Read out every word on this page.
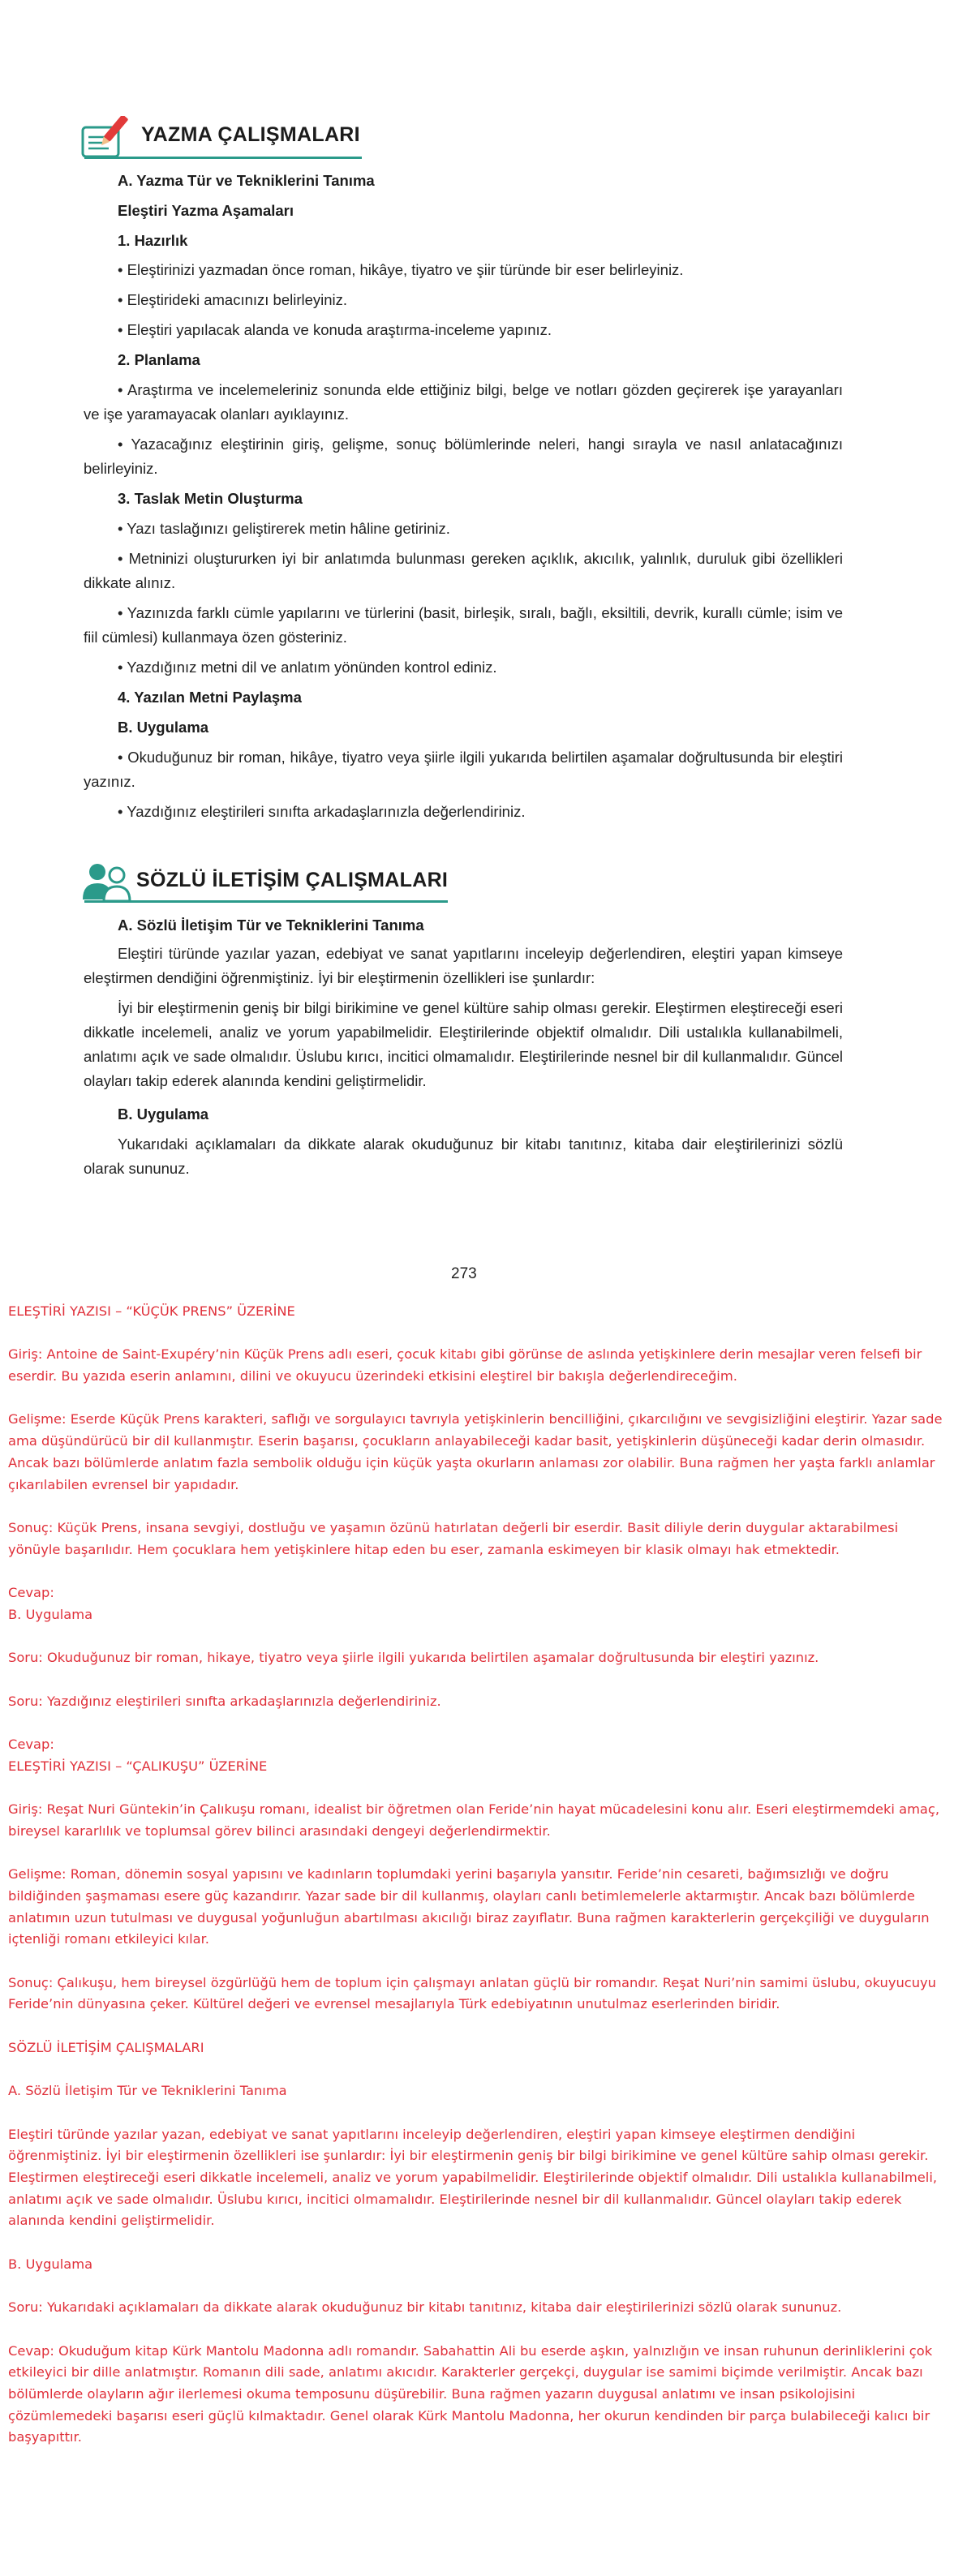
YAZMA ÇALIŞMALARI
A. Yazma Tür ve Tekniklerini Tanıma
Eleştiri Yazma Aşamaları
1. Hazırlık
• Eleştirinizi yazmadan önce roman, hikâye, tiyatro ve şiir türünde bir eser belirleyiniz.
• Eleştirideki amacınızı belirleyiniz.
• Eleştiri yapılacak alanda ve konuda araştırma-inceleme yapınız.
2. Planlama
• Araştırma ve incelemeleriniz sonunda elde ettiğiniz bilgi, belge ve notları gözden geçirerek işe yarayanları ve işe yaramayacak olanları ayıklayınız.
• Yazacağınız eleştirinin giriş, gelişme, sonuç bölümlerinde neleri, hangi sırayla ve nasıl anlatacağınızı belirleyiniz.
3. Taslak Metin Oluşturma
• Yazı taslağınızı geliştirerek metin hâline getiriniz.
• Metninizi oluştururken iyi bir anlatımda bulunması gereken açıklık, akıcılık, yalınlık, duruluk gibi özellikleri dikkate alınız.
• Yazınızda farklı cümle yapılarını ve türlerini (basit, birleşik, sıralı, bağlı, eksiltili, devrik, kurallı cümle; isim ve fiil cümlesi) kullanmaya özen gösteriniz.
• Yazdığınız metni dil ve anlatım yönünden kontrol ediniz.
4. Yazılan Metni Paylaşma
B. Uygulama
• Okuduğunuz bir roman, hikâye, tiyatro veya şiirle ilgili yukarıda belirtilen aşamalar doğrultusunda bir eleştiri yazınız.
• Yazdığınız eleştirileri sınıfta arkadaşlarınızla değerlendiriniz.
SÖZLÜ İLETİŞİM ÇALIŞMALARI
A. Sözlü İletişim Tür ve Tekniklerini Tanıma
Eleştiri türünde yazılar yazan, edebiyat ve sanat yapıtlarını inceleyip değerlendiren, eleştiri yapan kimseye eleştirmen dendiğini öğrenmiştiniz. İyi bir eleştirmenin özellikleri ise şunlardır:
İyi bir eleştirmenin geniş bir bilgi birikimine ve genel kültüre sahip olması gerekir. Eleştirmen eleştireceği eseri dikkatle incelemeli, analiz ve yorum yapabilmelidir. Eleştirilerinde objektif olmalıdır. Dili ustalıkla kullanabilmeli, anlatımı açık ve sade olmalıdır. Üslubu kırıcı, incitici olmamalıdır. Eleştirilerinde nesnel bir dil kullanmalıdır. Güncel olayları takip ederek alanında kendini geliştirmelidir.
B. Uygulama
Yukarıdaki açıklamaları da dikkate alarak okuduğunuz bir kitabı tanıtınız, kitaba dair eleştirilerinizi sözlü olarak sununuz.
273
ELEŞTİRİ YAZISI – “KÜÇÜK PRENS” ÜZERİNE
Giriş: Antoine de Saint-Exupéry’nin Küçük Prens adlı eseri, çocuk kitabı gibi görünse de aslında yetişkinlere derin mesajlar veren felsefi bir eserdir. Bu yazıda eserin anlamını, dilini ve okuyucu üzerindeki etkisini eleştirel bir bakışla değerlendireceğim.
Gelişme: Eserde Küçük Prens karakteri, saflığı ve sorgulayıcı tavrıyla yetişkinlerin bencilliğini, çıkarcılığını ve sevgisizliğini eleştirir. Yazar sade ama düşündürücü bir dil kullanmıştır. Eserin başarısı, çocukların anlayabileceği kadar basit, yetişkinlerin düşüneceği kadar derin olmasıdır. Ancak bazı bölümlerde anlatım fazla sembolik olduğu için küçük yaşta okurların anlaması zor olabilir. Buna rağmen her yaşta farklı anlamlar çıkarılabilen evrensel bir yapıdadır.
Sonuç: Küçük Prens, insana sevgiyi, dostluğu ve yaşamın özünü hatırlatan değerli bir eserdir. Basit diliyle derin duygular aktarabilmesi yönüyle başarılıdır. Hem çocuklara hem yetişkinlere hitap eden bu eser, zamanla eskimeyen bir klasik olmayı hak etmektedir.
Cevap:
B. Uygulama
Soru: Okuduğunuz bir roman, hikaye, tiyatro veya şiirle ilgili yukarıda belirtilen aşamalar doğrultusunda bir eleştiri yazınız.
Soru: Yazdığınız eleştirileri sınıfta arkadaşlarınızla değerlendiriniz.
Cevap:
ELEŞTİRİ YAZISI – “ÇALIKUŞU” ÜZERİNE
Giriş: Reşat Nuri Güntekin’in Çalıkuşu romanı, idealist bir öğretmen olan Feride’nin hayat mücadelesini konu alır. Eseri eleştirmemdeki amaç, bireysel kararlılık ve toplumsal görev bilinci arasındaki dengeyi değerlendirmektir.
Gelişme: Roman, dönemin sosyal yapısını ve kadınların toplumdaki yerini başarıyla yansıtır. Feride’nin cesareti, bağımsızlığı ve doğru bildiğinden şaşmaması esere güç kazandırır. Yazar sade bir dil kullanmış, olayları canlı betimlemelerle aktarmıştır. Ancak bazı bölümlerde anlatımın uzun tutulması ve duygusal yoğunluğun abartılması akıcılığı biraz zayıflatır. Buna rağmen karakterlerin gerçekçiliği ve duyguların içtenliği romanı etkileyici kılar.
Sonuç: Çalıkuşu, hem bireysel özgürlüğü hem de toplum için çalışmayı anlatan güçlü bir romandır. Reşat Nuri’nin samimi üslubu, okuyucuyu Feride’nin dünyasına çeker. Kültürel değeri ve evrensel mesajlarıyla Türk edebiyatının unutulmaz eserlerinden biridir.
SÖZLÜ İLETİŞİM ÇALIŞMALARI
A. Sözlü İletişim Tür ve Tekniklerini Tanıma
Eleştiri türünde yazılar yazan, edebiyat ve sanat yapıtlarını inceleyip değerlendiren, eleştiri yapan kimseye eleştirmen dendiğini öğrenmiştiniz. İyi bir eleştirmenin özellikleri ise şunlardır: İyi bir eleştirmenin geniş bir bilgi birikimine ve genel kültüre sahip olması gerekir. Eleştirmen eleştireceği eseri dikkatle incelemeli, analiz ve yorum yapabilmelidir. Eleştirilerinde objektif olmalıdır. Dili ustalıkla kullanabilmeli, anlatımı açık ve sade olmalıdır. Üslubu kırıcı, incitici olmamalıdır. Eleştirilerinde nesnel bir dil kullanmalıdır. Güncel olayları takip ederek alanında kendini geliştirmelidir.
B. Uygulama
Soru: Yukarıdaki açıklamaları da dikkate alarak okuduğunuz bir kitabı tanıtınız, kitaba dair eleştirilerinizi sözlü olarak sununuz.
Cevap: Okuduğum kitap Kürk Mantolu Madonna adlı romandır. Sabahattin Ali bu eserde aşkın, yalnızlığın ve insan ruhunun derinliklerini çok etkileyici bir dille anlatmıştır. Romanın dili sade, anlatımı akıcıdır. Karakterler gerçekçi, duygular ise samimi biçimde verilmiştir. Ancak bazı bölümlerde olayların ağır ilerlemesi okuma temposunu düşürebilir. Buna rağmen yazarın duygusal anlatımı ve insan psikolojisini çözümlemedeki başarısı eseri güçlü kılmaktadır. Genel olarak Kürk Mantolu Madonna, her okurun kendinden bir parça bulabileceği kalıcı bir başyapıttır.
